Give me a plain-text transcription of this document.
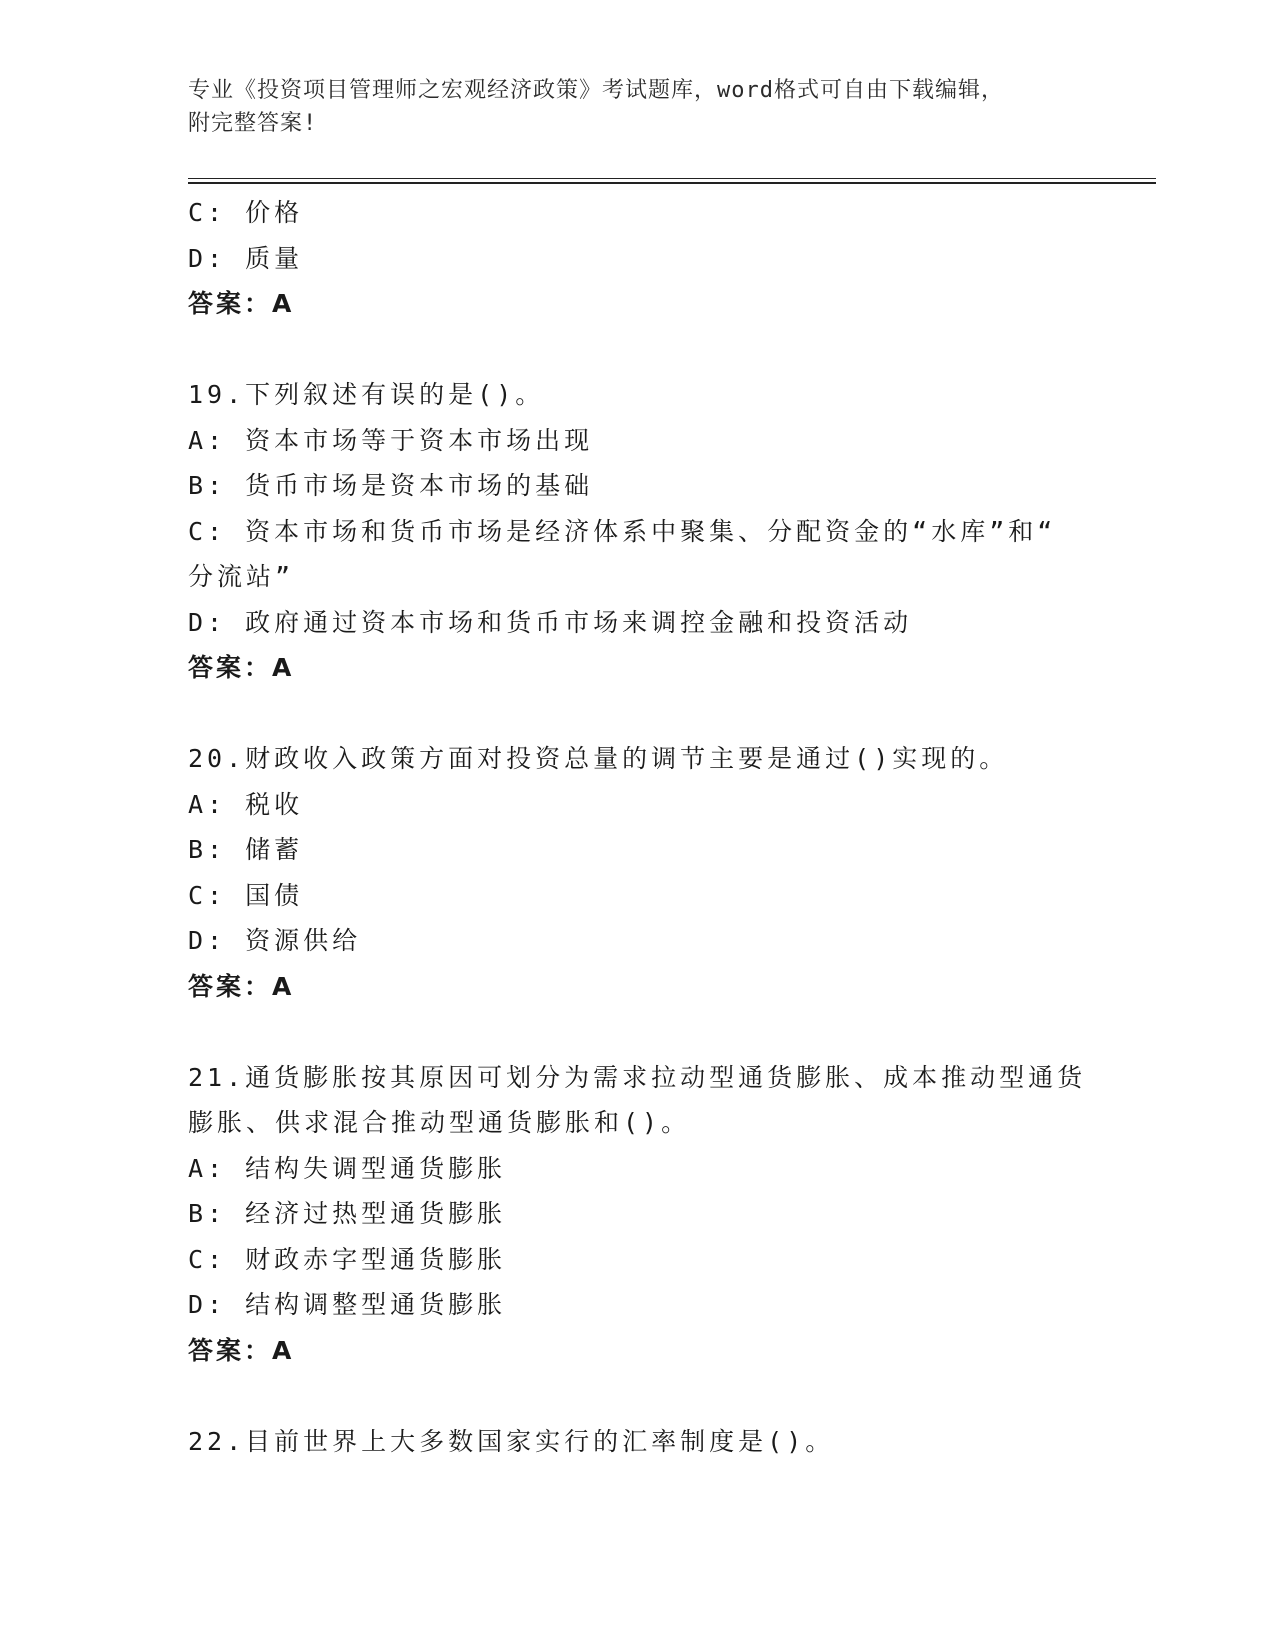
专业《投资项目管理师之宏观经济政策》考试题库，word格式可自由下载编辑，
附完整答案!
C: 价格
D: 质量
答案：A
19.下列叙述有误的是()。
A: 资本市场等于资本市场出现
B: 货币市场是资本市场的基础
C: 资本市场和货币市场是经济体系中聚集、分配资金的“水库”和“
分流站”
D: 政府通过资本市场和货币市场来调控金融和投资活动
答案：A
20.财政收入政策方面对投资总量的调节主要是通过()实现的。
A: 税收
B: 储蓄
C: 国债
D: 资源供给
答案：A
21.通货膨胀按其原因可划分为需求拉动型通货膨胀、成本推动型通货
膨胀、供求混合推动型通货膨胀和()。
A: 结构失调型通货膨胀
B: 经济过热型通货膨胀
C: 财政赤字型通货膨胀
D: 结构调整型通货膨胀
答案：A
22.目前世界上大多数国家实行的汇率制度是()。
